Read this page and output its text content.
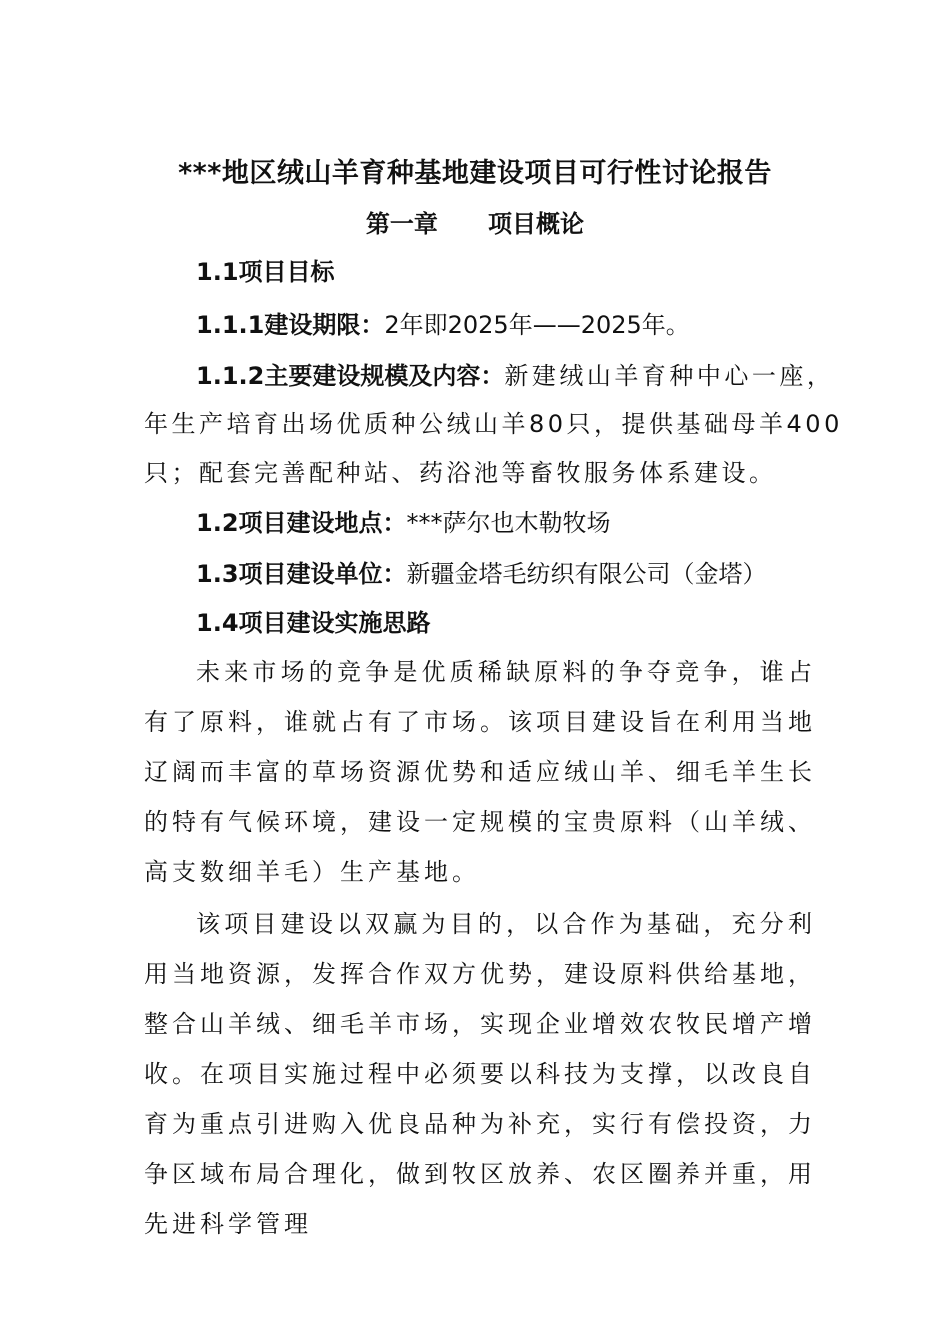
***地区绒山羊育种基地建设项目可行性讨论报告
第一章      项目概论
1.1项目目标
1.1.1建设期限：2年即2025年——2025年。
1.1.2主要建设规模及内容：新建绒山羊育种中心一座，
年生产培育出场优质种公绒山羊80只，提供基础母羊400
只；配套完善配种站、药浴池等畜牧服务体系建设。
1.2项目建设地点：***萨尔也木勒牧场
1.3项目建设单位：新疆金塔毛纺织有限公司（金塔）
1.4项目建设实施思路
未来市场的竞争是优质稀缺原料的争夺竞争，谁占有了原料，谁就占有了市场。该项目建设旨在利用当地辽阔而丰富的草场资源优势和适应绒山羊、细毛羊生长的特有气候环境，建设一定规模的宝贵原料（山羊绒、高支数细羊毛）生产基地。
该项目建设以双赢为目的，以合作为基础，充分利用当地资源，发挥合作双方优势，建设原料供给基地，整合山羊绒、细毛羊市场，实现企业增效农牧民增产增收。在项目实施过程中必须要以科技为支撑，以改良自育为重点引进购入优良品种为补充，实行有偿投资，力争区域布局合理化，做到牧区放养、农区圈养并重，用先进科学管理
